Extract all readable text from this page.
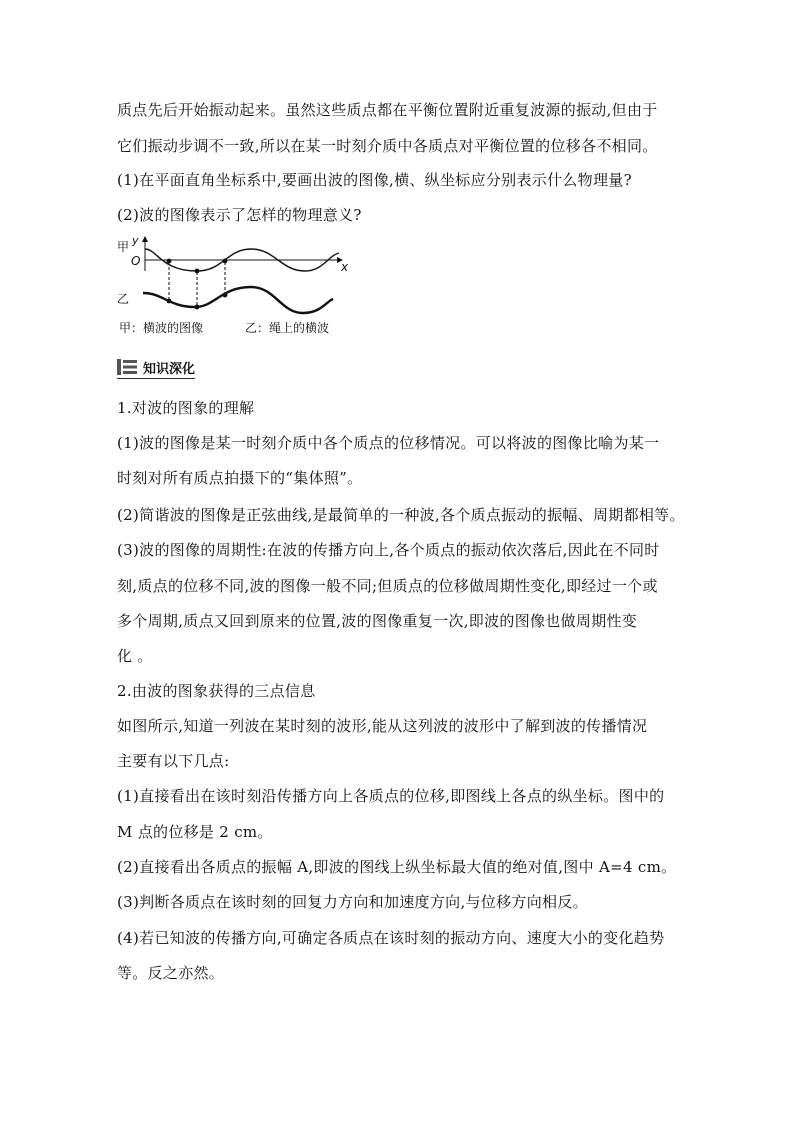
质点先后开始振动起来。虽然这些质点都在平衡位置附近重复波源的振动,但由于
它们振动步调不一致,所以在某一时刻介质中各质点对平衡位置的位移各不相同。
(1)在平面直角坐标系中,要画出波的图像,横、纵坐标应分别表示什么物理量?
(2)波的图像表示了怎样的物理意义?
甲 y
O	x
乙
甲：横波的图像	乙：绳上的横波
知识深化
1.对波的图象的理解
(1)波的图像是某一时刻介质中各个质点的位移情况。可以将波的图像比喻为某一
时刻对所有质点拍摄下的“集体照”。
(2)简谐波的图像是正弦曲线,是最简单的一种波,各个质点振动的振幅、周期都相等。
(3)波的图像的周期性:在波的传播方向上,各个质点的振动依次落后,因此在不同时
刻,质点的位移不同,波的图像一般不同;但质点的位移做周期性变化,即经过一个或
多个周期,质点又回到原来的位置,波的图像重复一次,即波的图像也做周期性变
化 。
2.由波的图象获得的三点信息
如图所示,知道一列波在某时刻的波形,能从这列波的波形中了解到波的传播情况
主要有以下几点:
(1)直接看出在该时刻沿传播方向上各质点的位移,即图线上各点的纵坐标。图中的
M 点的位移是 2 cm。
(2)直接看出各质点的振幅 A,即波的图线上纵坐标最大值的绝对值,图中 A=4 cm。
(3)判断各质点在该时刻的回复力方向和加速度方向,与位移方向相反。
(4)若已知波的传播方向,可确定各质点在该时刻的振动方向、速度大小的变化趋势
等。反之亦然。
